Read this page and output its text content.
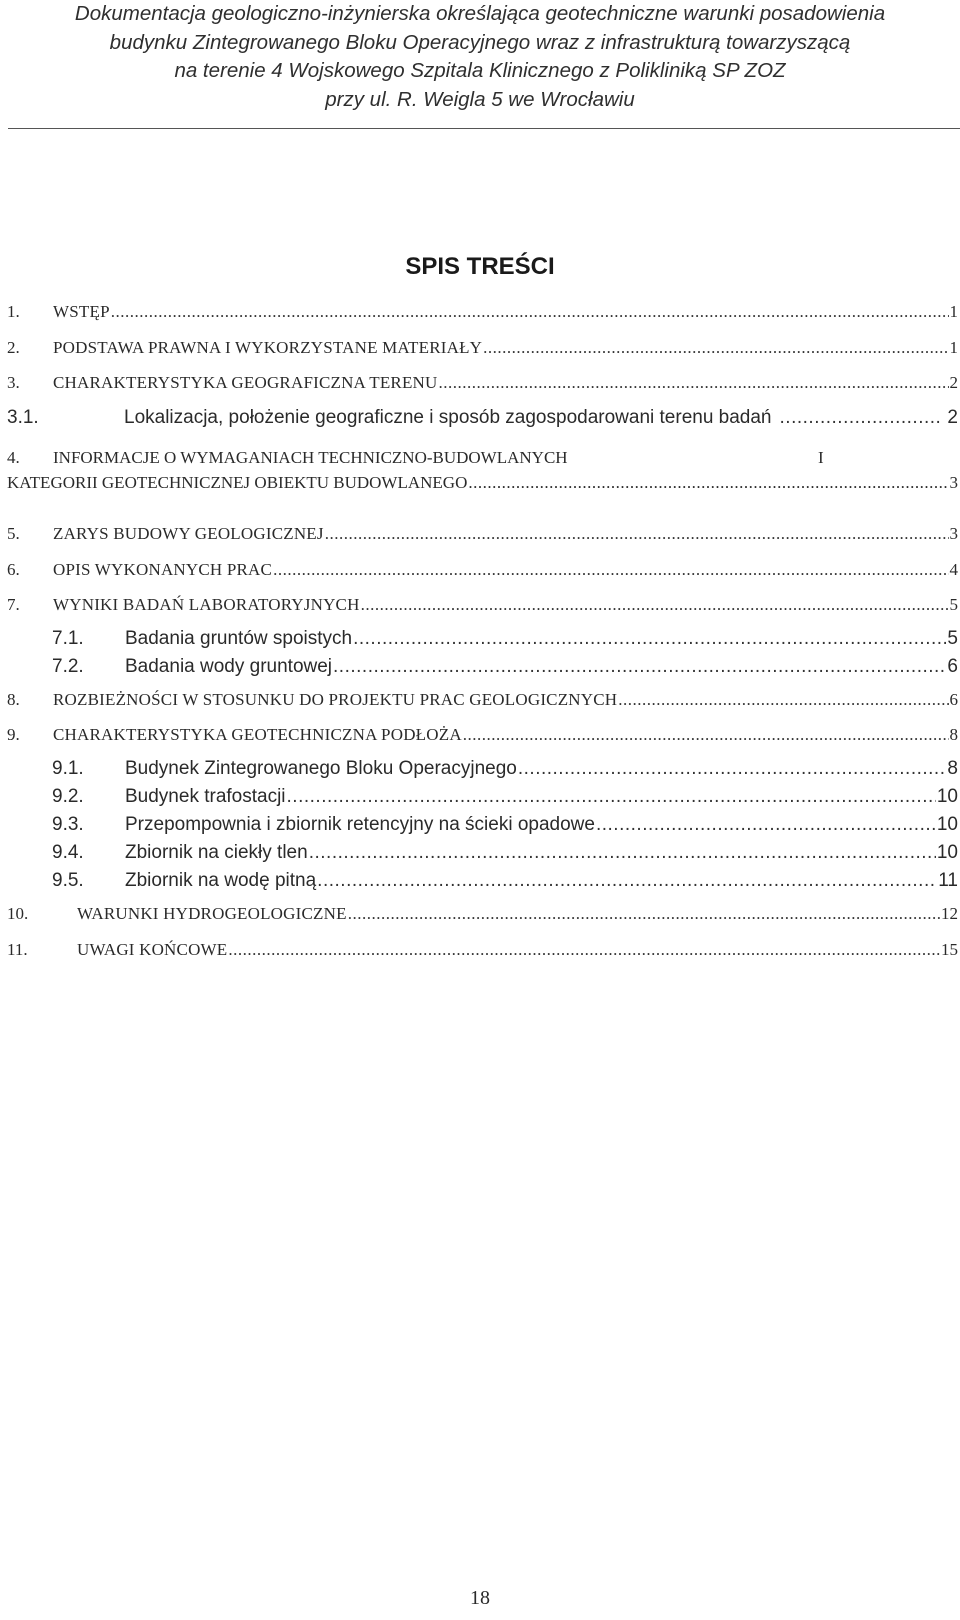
Dokumentacja geologiczno-inżynierska określająca geotechniczne warunki posadowienia
budynku Zintegrowanego Bloku Operacyjnego wraz z infrastrukturą towarzyszącą
na terenie 4 Wojskowego Szpitala Klinicznego z Polikliniką SP ZOZ
przy ul. R. Weigla 5 we Wrocławiu
SPIS TREŚCI
1.	WSTĘP .....	1
2.	PODSTAWA PRAWNA I WYKORZYSTANE MATERIAŁY .....	1
3.	CHARAKTERYSTYKA GEOGRAFICZNA TERENU .....	2
3.1.	Lokalizacja, położenie geograficzne i sposób zagospodarowani terenu badań .....	2
4.	INFORMACJE O WYMAGANIACH TECHNICZNO-BUDOWLANYCH	I
KATEGORII GEOTECHNICZNEJ OBIEKTU BUDOWLANEGO .....	3
5.	ZARYS BUDOWY GEOLOGICZNEJ .....	3
6.	OPIS WYKONANYCH PRAC .....	4
7.	WYNIKI BADAŃ LABORATORYJNYCH .....	5
7.1.	Badania gruntów spoistych .....	5
7.2.	Badania wody gruntowej .....	6
8.	ROZBIEŻNOŚCI W STOSUNKU DO PROJEKTU PRAC GEOLOGICZNYCH .....	6
9.	CHARAKTERYSTYKA GEOTECHNICZNA PODŁOŻA .....	8
9.1.	Budynek Zintegrowanego Bloku Operacyjnego .....	8
9.2.	Budynek trafostacji .....	10
9.3.	Przepompownia i zbiornik retencyjny na ścieki opadowe .....	10
9.4.	Zbiornik na ciekły tlen .....	10
9.5.	Zbiornik na wodę pitną .....	11
10.	WARUNKI HYDROGEOLOGICZNE .....	12
11.	UWAGI KOŃCOWE .....	15
18
